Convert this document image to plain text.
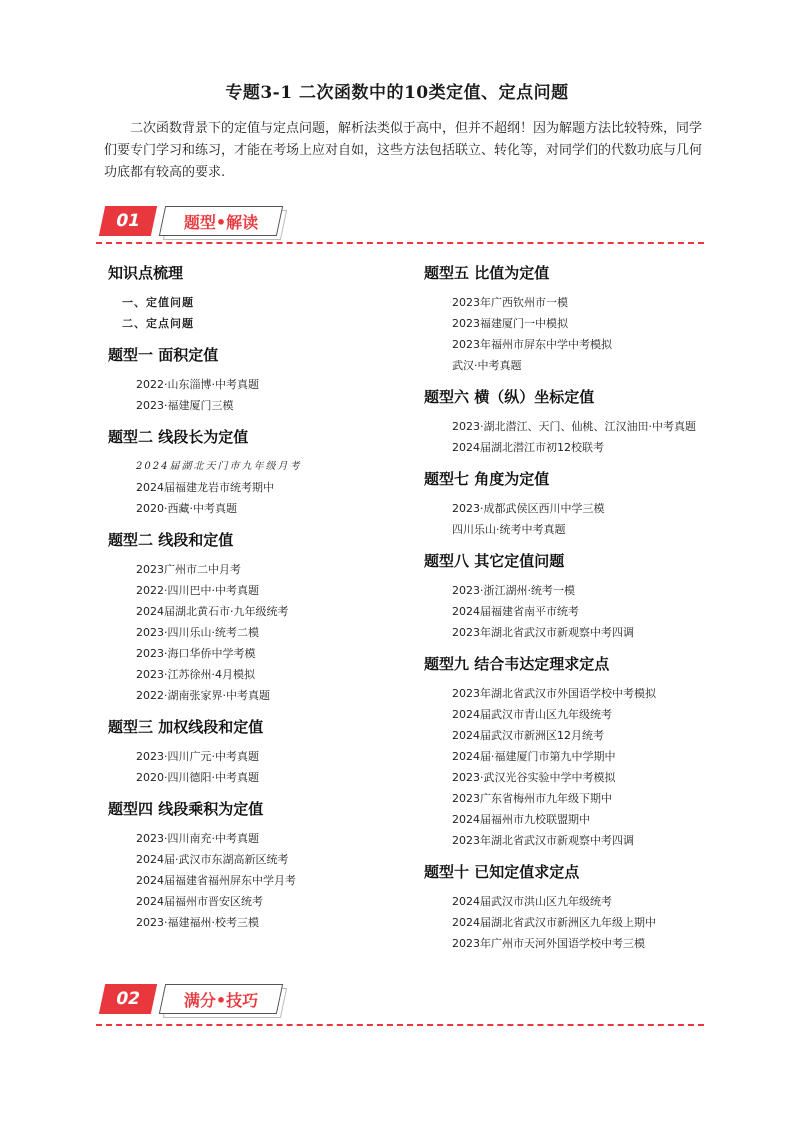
专题3-1 二次函数中的10类定值、定点问题
二次函数背景下的定值与定点问题，解析法类似于高中，但并不超纲！因为解题方法比较特殊，同学们要专门学习和练习，才能在考场上应对自如，这些方法包括联立、转化等，对同学们的代数功底与几何功底都有较高的要求.
01	题型•解读
知识点梳理
一、定值问题
二、定点问题
题型一 面积定值
2022·山东淄博·中考真题
2023·福建厦门三模
题型二 线段长为定值
2024届湖北天门市九年级月考
2024届福建龙岩市统考期中
2020·西藏·中考真题
题型二 线段和定值
2023广州市二中月考
2022·四川巴中·中考真题
2024届湖北黄石市·九年级统考
2023·四川乐山·统考二模
2023·海口华侨中学考模
2023·江苏徐州·4月模拟
2022·湖南张家界·中考真题
题型三 加权线段和定值
2023·四川广元·中考真题
2020·四川德阳·中考真题
题型四 线段乘积为定值
2023·四川南充·中考真题
2024届·武汉市东湖高新区统考
2024届福建省福州屏东中学月考
2024届福州市晋安区统考
2023·福建福州·校考三模
题型五 比值为定值
2023年广西钦州市一模
2023福建厦门一中模拟
2023年福州市屏东中学中考模拟
武汉·中考真题
题型六 横（纵）坐标定值
2023·湖北潜江、天门、仙桃、江汉油田·中考真题
2024届湖北潜江市初12校联考
题型七 角度为定值
2023·成都武侯区西川中学三模
四川乐山·统考中考真题
题型八 其它定值问题
2023·浙江湖州·统考一模
2024届福建省南平市统考
2023年湖北省武汉市新观察中考四调
题型九 结合韦达定理求定点
2023年湖北省武汉市外国语学校中考模拟
2024届武汉市青山区九年级统考
2024届武汉市新洲区12月统考
2024届·福建厦门市第九中学期中
2023·武汉光谷实验中学中考模拟
2023广东省梅州市九年级下期中
2024届福州市九校联盟期中
2023年湖北省武汉市新观察中考四调
题型十 已知定值求定点
2024届武汉市洪山区九年级统考
2024届湖北省武汉市新洲区九年级上期中
2023年广州市天河外国语学校中考三模
02	满分•技巧
